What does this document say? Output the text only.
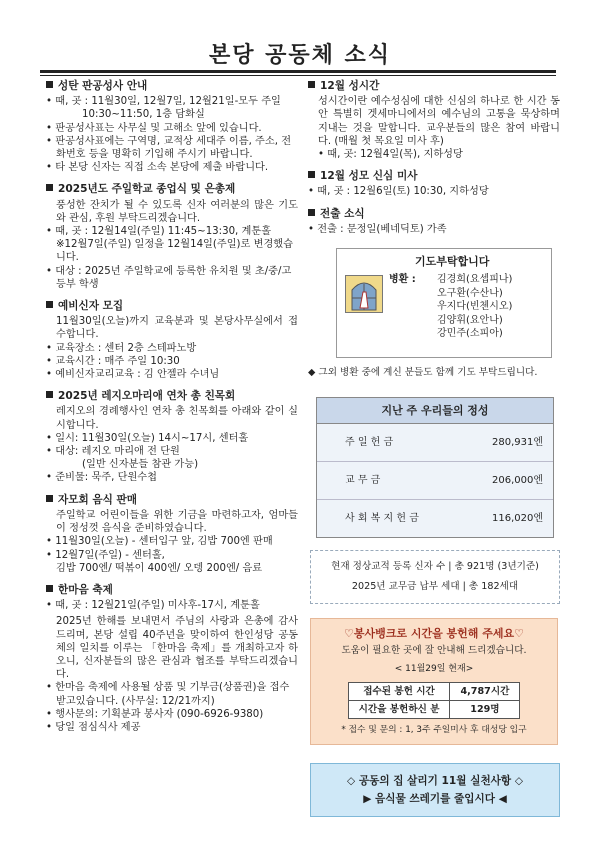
본당 공동체 소식
성탄 판공성사 안내
• 때, 곳 : 11월30일, 12월7일, 12월21일-모두 주일
10:30~11:50, 1층 담화실
• 판공성사표는 사무실 및 고해소 앞에 있습니다.
• 판공성사표에는 구역명, 교적상 세대주 이름, 주소, 전화번호 등을 명확히 기입해 주시기 바랍니다.
• 타 본당 신자는 직접 소속 본당에 제출 바랍니다.
2025년도 주일학교 종업식 및 은총제
풍성한 잔치가 될 수 있도록 신자 여러분의 많은 기도와 관심, 후원 부탁드리겠습니다.
• 때, 곳 : 12월14일(주일) 11:45~13:30, 계툰홀
※12월7일(주일) 일정을 12월14일(주일)로 변경했습니다.
• 대상 : 2025년 주일학교에 등록한 유치원 및 초/중/고등부 학생
예비신자 모집
11월30일(오늘)까지 교육분과 및 본당사무실에서 접수합니다.
• 교육장소 : 센터 2층 스테파노방
• 교육시간 : 매주 주일 10:30
• 예비신자교리교육 : 김 안젤라 수녀님
2025년 레지오마리애 연차 총 친목회
레지오의 경례행사인 연차 총 친목회를 아래와 같이 실시합니다.
• 일시: 11월30일(오늘) 14시~17시, 센터홀
• 대상: 레지오 마리애 전 단원
(일반 신자분들 참관 가능)
• 준비물: 묵주, 단원수첩
자모회 음식 판매
주일학교 어린이들을 위한 기금을 마련하고자, 엄마들이 정성껏 음식을 준비하였습니다.
• 11월30일(오늘) - 센터입구 앞, 김밥 700엔 판매
• 12월7일(주일) - 센터홀,
김밥 700엔/ 떡볶이 400엔/ 오뎅 200엔/ 음료
한마음 축제
• 때, 곳 : 12월21일(주일) 미사후-17시, 계툰홀
2025년 한해를 보내면서 주님의 사랑과 은총에 감사드리며, 본당 설립 40주년을 맞이하여 한인성당 공동체의 일치를 이루는 「한마음 축제」를 개최하고자 하오니, 신자분들의 많은 관심과 협조를 부탁드리겠습니다.
• 한마음 축제에 사용될 상품 및 기부금(상품권)을 접수 받고있습니다. (사무실: 12/21까지)
• 행사문의: 기획분과 봉사자 (090-6926-9380)
• 당일 점심식사 제공
12월 성시간
성시간이란 예수성심에 대한 신심의 하나로 한 시간 동안 특별히 겟세마니에서의 예수님의 고통을 묵상하며 지내는 것을 말합니다. 교우분들의 많은 참여 바랍니다. (매월 첫 목요일 미사 후)
• 때, 곳: 12월4일(목), 지하성당
12월 성모 신심 미사
• 때, 곳 : 12월6일(토) 10:30, 지하성당
전출 소식
• 전출 : 문정일(베네딕토) 가족
기도부탁합니다
병환 : 김경희(요셉피나)
오구환(수산나)
우지다(빈첸시오)
김양휘(요안나)
강민주(소피아)
◆ 그외 병환 중에 계신 분들도 함께 기도 부탁드립니다.
지난 주 우리들의 정성
주 일 헌 금	280,931엔
교 무 금	206,000엔
사 회 복 지 헌 금	116,020엔
현재 정상교적 등록 신자 수 | 총 921명 (3년기준)
2025년 교무금 납부 세대 | 총 182세대
♡봉사뱅크로 시간을 봉헌해 주세요♡
도움이 필요한 곳에 잘 안내해 드리겠습니다.
< 11월29일 현재>
접수된 봉헌 시간	4,787시간
시간을 봉헌하신 분	129명
* 접수 및 문의 : 1, 3주 주일미사 후 대성당 입구
◇ 공동의 집 살리기 11월 실천사항 ◇
▶ 음식물 쓰레기를 줄입시다 ◀
